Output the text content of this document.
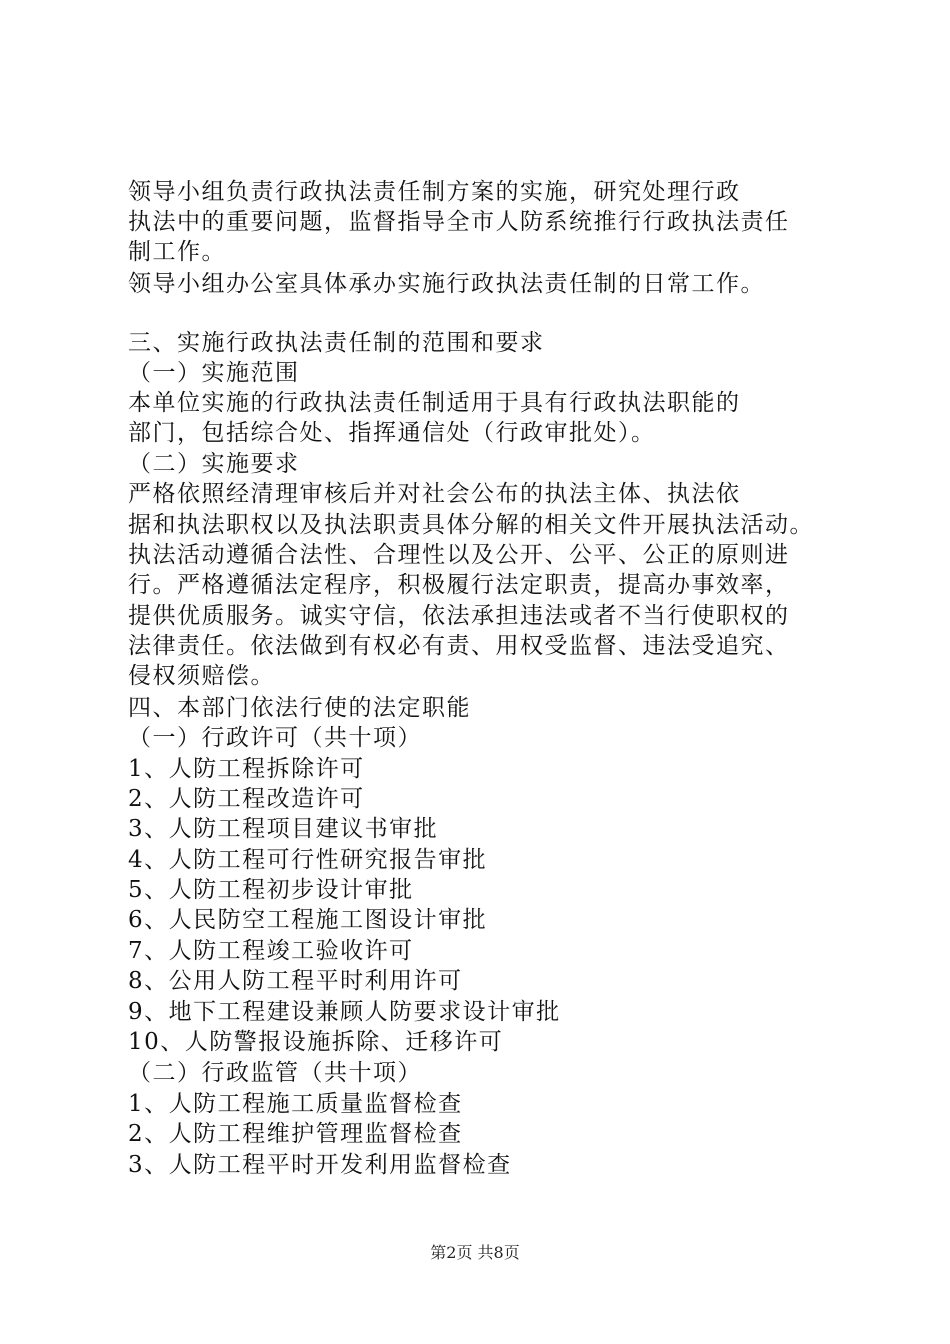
领导小组负责行政执法责任制方案的实施，研究处理行政
执法中的重要问题，监督指导全市人防系统推行行政执法责任
制工作。
领导小组办公室具体承办实施行政执法责任制的日常工作。
三、实施行政执法责任制的范围和要求
（一）实施范围
本单位实施的行政执法责任制适用于具有行政执法职能的
部门，包括综合处、指挥通信处（行政审批处）。
（二）实施要求
严格依照经清理审核后并对社会公布的执法主体、执法依
据和执法职权以及执法职责具体分解的相关文件开展执法活动。
执法活动遵循合法性、合理性以及公开、公平、公正的原则进
行。严格遵循法定程序，积极履行法定职责，提高办事效率，
提供优质服务。诚实守信，依法承担违法或者不当行使职权的
法律责任。依法做到有权必有责、用权受监督、违法受追究、
侵权须赔偿。
四、本部门依法行使的法定职能
（一）行政许可（共十项）
1、人防工程拆除许可
2、人防工程改造许可
3、人防工程项目建议书审批
4、人防工程可行性研究报告审批
5、人防工程初步设计审批
6、人民防空工程施工图设计审批
7、人防工程竣工验收许可
8、公用人防工程平时利用许可
9、地下工程建设兼顾人防要求设计审批
10、人防警报设施拆除、迁移许可
（二）行政监管（共十项）
1、人防工程施工质量监督检查
2、人防工程维护管理监督检查
3、人防工程平时开发利用监督检查
第2页 共8页
